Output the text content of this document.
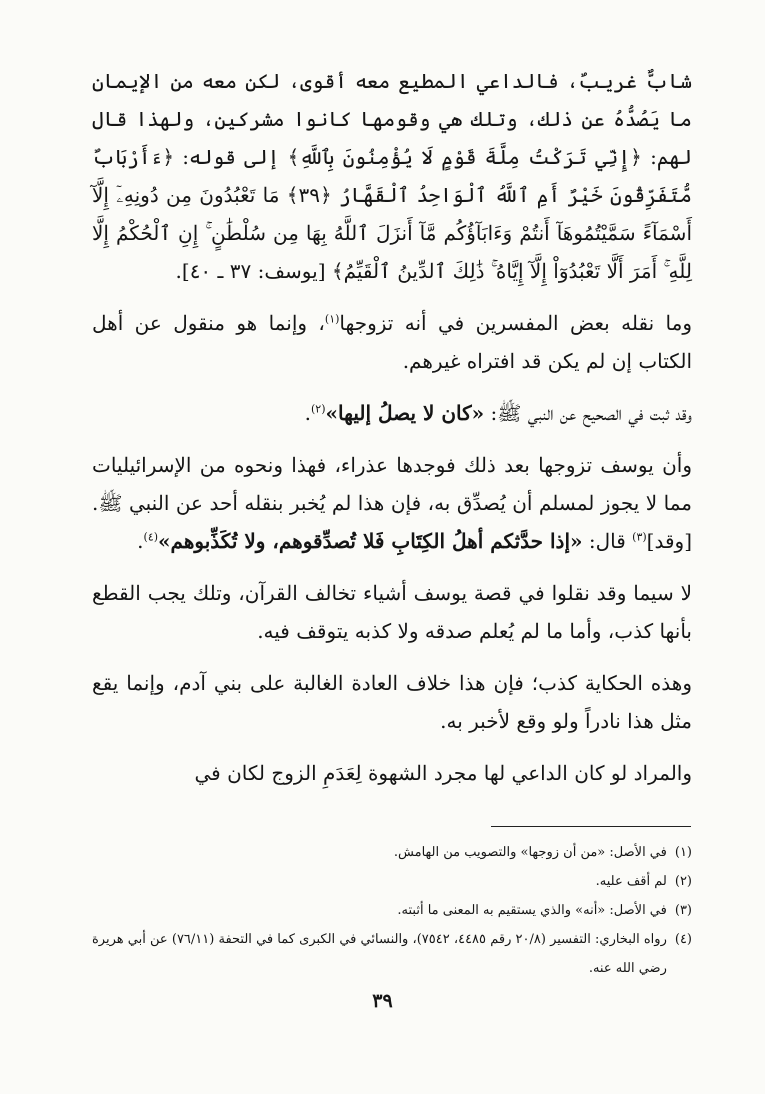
شابٌّ غريبٌ، فالداعي المطيع معه أقوى، لكن معه من الإيمان ما يَصُدُّهُ عن ذلك، وتلك هي وقومها كانوا مشركين، ولهذا قال لهم: ﴿إِنِّي تَرَكْتُ مِلَّةَ قَوْمٍ لَا يُؤْمِنُونَ بِٱللَّهِ﴾ إلى قوله: ﴿ءَأَرْبَابٌ مُّتَفَرِّقُونَ خَيْرٌ أَمِ ٱللَّهُ ٱلْوَاحِدُ ٱلْقَهَّارُ ﴿٣٩﴾ مَا تَعْبُدُونَ مِن دُونِهِۦٓ إِلَّآ أَسْمَآءً سَمَّيْتُمُوهَآ أَنتُمْ وَءَابَآؤُكُم مَّآ أَنزَلَ ٱللَّهُ بِهَا مِن سُلْطَٰنٍ ۚ إِنِ ٱلْحُكْمُ إِلَّا لِلَّهِ ۚ أَمَرَ أَلَّا تَعْبُدُوٓاْ إِلَّآ إِيَّاهُ ۚ ذَٰلِكَ ٱلدِّينُ ٱلْقَيِّمُ﴾ [يوسف: ٣٧ ـ ٤٠].

وما نقله بعض المفسرين في أنه تزوجها$^{(١)}$، وإنما هو منقول عن أهل الكتاب إن لم يكن قد افتراه غيرهم.

وقد ثبت في الصحيح عن النبي ﷺ: «كان لا يصلُ إليها»$^{(٢)}$.

وأن يوسف تزوجها بعد ذلك فوجدها عذراء، فهذا ونحوه من الإسرائيليات مما لا يجوز لمسلم أن يُصدِّق به، فإن هذا لم يُخبر بنقله أحد عن النبي ﷺ. [وقد]$^{(٣)}$ قال: «إذا حدَّثكم أهلُ الكِتَابِ فَلا تُصدِّقوهم، ولا تُكَذِّبوهم»$^{(٤)}$.

لا سيما وقد نقلوا في قصة يوسف أشياء تخالف القرآن، وتلك يجب القطع بأنها كذب، وأما ما لم يُعلم صدقه ولا كذبه يتوقف فيه.

وهذه الحكاية كذب؛ فإن هذا خلاف العادة الغالبة على بني آدم، وإنما يقع مثل هذا نادراً ولو وقع لأخبر به.

والمراد لو كان الداعي لها مجرد الشهوة لِعَدَمِ الزوج لكان في

(١)
في الأصل: «من أن زوجها» والتصويب من الهامش.
(٢)
لم أقف عليه.
(٣)
في الأصل: «أنه» والذي يستقيم به المعنى ما أثبته.
(٤)
رواه البخاري: التفسير (٢٠/٨ رقم ٤٤٨٥، ٧٥٤٢)، والنسائي في الكبرى كما في التحفة (٧٦/١١) عن أبي هريرة رضي الله عنه.
٣٩
